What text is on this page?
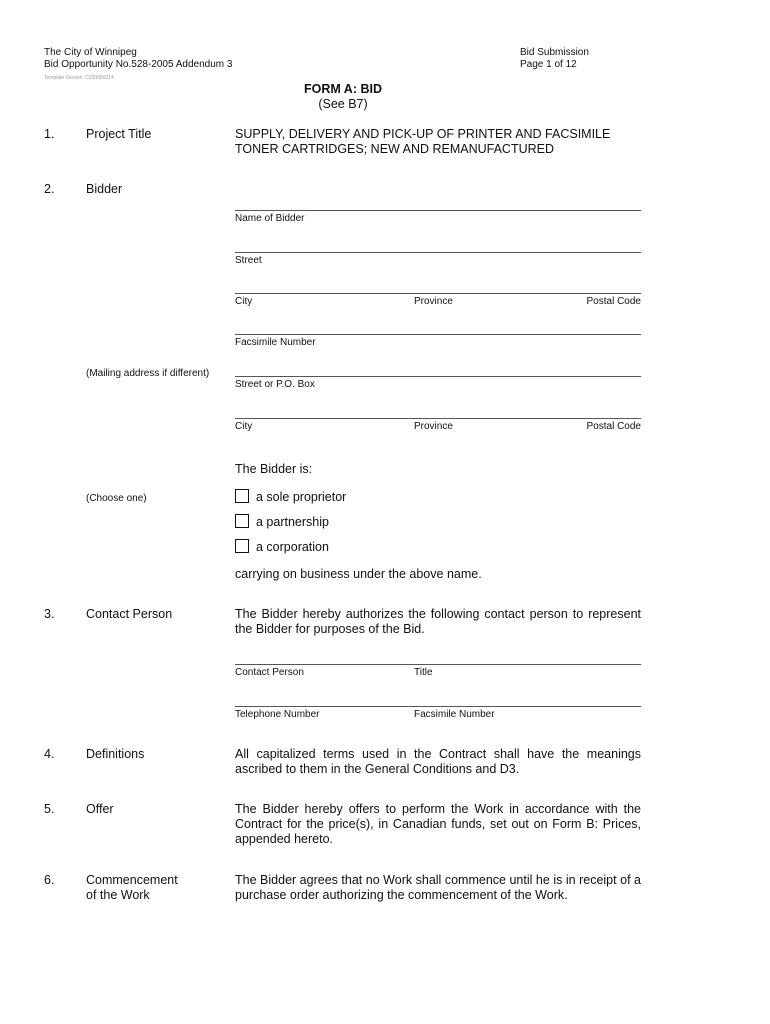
The City of Winnipeg
Bid Opportunity No.528-2005 Addendum 3
Template Version: C020050314
Bid Submission
Page 1 of 12
FORM A: BID
(See B7)
1.	Project Title	SUPPLY, DELIVERY AND PICK-UP OF PRINTER AND FACSIMILE
TONER CARTRIDGES; NEW AND REMANUFACTURED
2.	Bidder
Name of Bidder
Street
City	Province	Postal Code
Facsimile Number
(Mailing address if different)
Street or P.O. Box
City	Province	Postal Code
The Bidder is:
(Choose one)	a sole proprietor
a partnership
a corporation
carrying on business under the above name.
3.	Contact Person	The Bidder hereby authorizes the following contact person to represent the Bidder for purposes of the Bid.
Contact Person	Title
Telephone Number	Facsimile Number
4.	Definitions	All capitalized terms used in the Contract shall have the meanings ascribed to them in the General Conditions and D3.
5.	Offer	The Bidder hereby offers to perform the Work in accordance with the Contract for the price(s), in Canadian funds, set out on Form B: Prices, appended hereto.
6.	Commencement
of the Work
The Bidder agrees that no Work shall commence until he is in receipt of a purchase order authorizing the commencement of the Work.
